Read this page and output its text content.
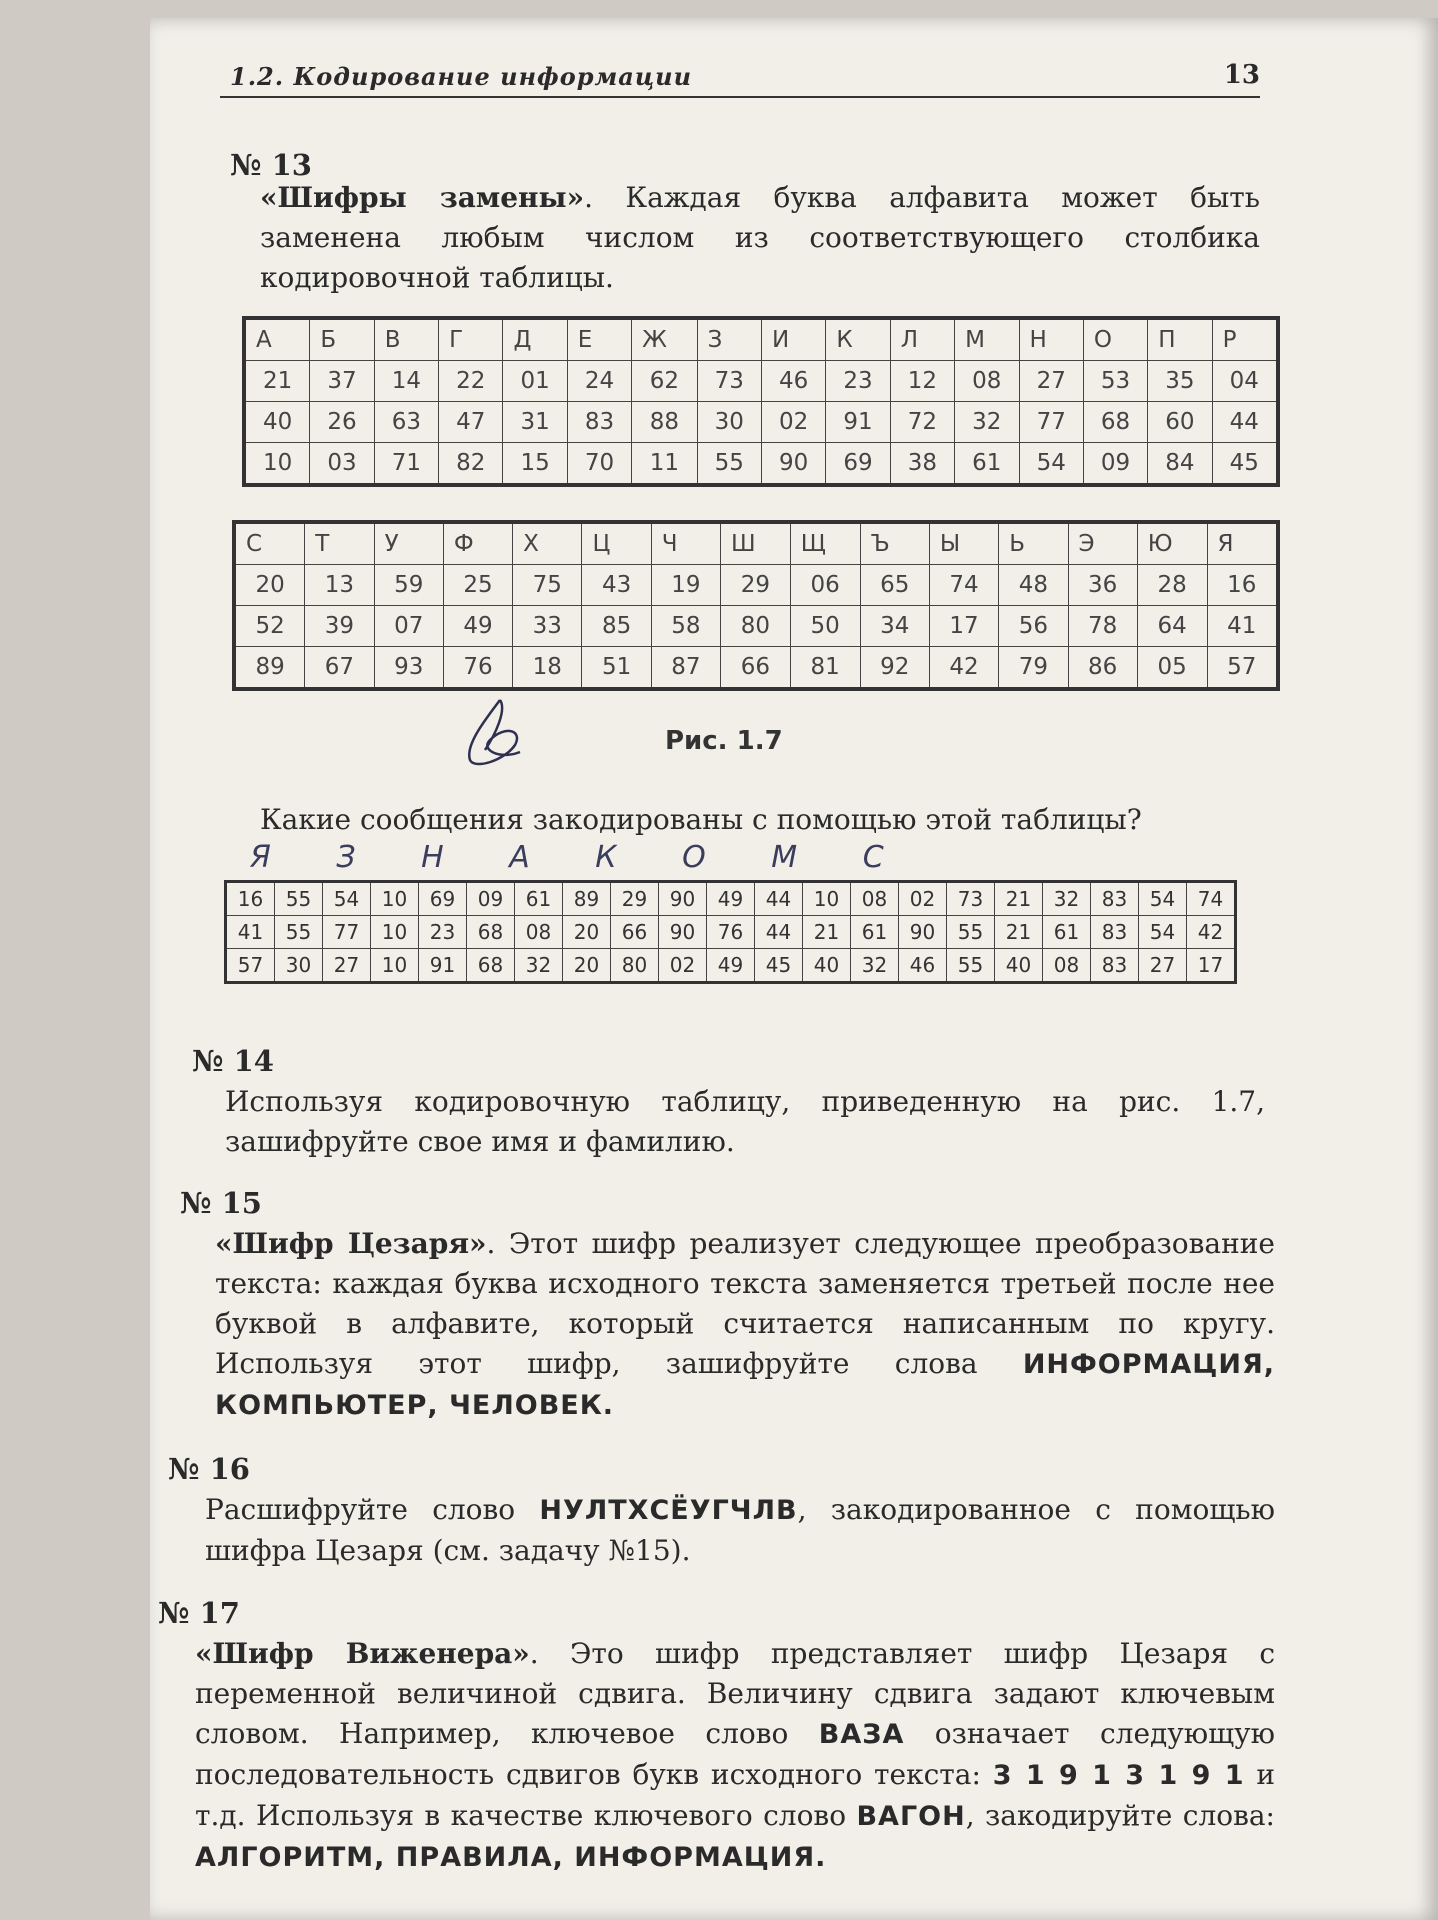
1.2. Кодирование информации	13
№ 13
«Шифры замены». Каждая буква алфавита может быть заменена любым числом из соответствующего столбика кодировочной таблицы.
А	Б	В	Г	Д	Е	Ж	З	И	К	Л	М	Н	О	П	Р
21	37	14	22	01	24	62	73	46	23	12	08	27	53	35	04
40	26	63	47	31	83	88	30	02	91	72	32	77	68	60	44
10	03	71	82	15	70	11	55	90	69	38	61	54	09	84	45
С	Т	У	Ф	Х	Ц	Ч	Ш	Щ	Ъ	Ы	Ь	Э	Ю	Я
20	13	59	25	75	43	19	29	06	65	74	48	36	28	16
52	39	07	49	33	85	58	80	50	34	17	56	78	64	41
89	67	93	76	18	51	87	66	81	92	42	79	86	05	57
Рис. 1.7
Какие сообщения закодированы с помощью этой таблицы?
Я З Н А К О М С
16	55	54	10	69	09	61	89	29	90	49	44	10	08	02	73	21	32	83	54	74
41	55	77	10	23	68	08	20	66	90	76	44	21	61	90	55	21	61	83	54	42
57	30	27	10	91	68	32	20	80	02	49	45	40	32	46	55	40	08	83	27	17
№ 14
Используя кодировочную таблицу, приведенную на рис. 1.7, зашифруйте свое имя и фамилию.
№ 15
«Шифр Цезаря». Этот шифр реализует следующее преобразование текста: каждая буква исходного текста заменяется третьей после нее буквой в алфавите, который считается написанным по кругу. Используя этот шифр, зашифруйте слова ИНФОРМАЦИЯ, КОМПЬЮТЕР, ЧЕЛОВЕК.
№ 16
Расшифруйте слово НУЛТХСЁУГЧЛВ, закодированное с помощью шифра Цезаря (см. задачу №15).
№ 17
«Шифр Виженера». Это шифр представляет шифр Цезаря с переменной величиной сдвига. Величину сдвига задают ключевым словом. Например, ключевое слово ВАЗА означает следующую последовательность сдвигов букв исходного текста: 3 1 9 1 3 1 9 1 и т.д. Используя в качестве ключевого слово ВАГОН, закодируйте слова: АЛГОРИТМ, ПРАВИЛА, ИНФОРМАЦИЯ.
